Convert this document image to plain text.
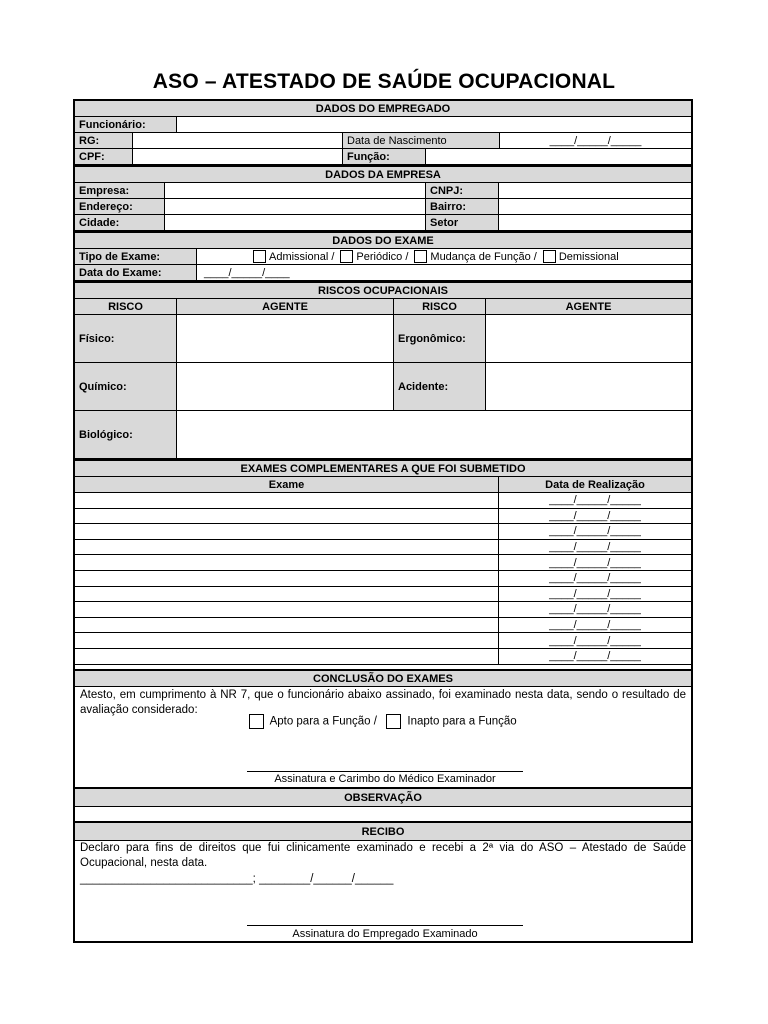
ASO – ATESTADO DE SAÚDE OCUPACIONAL
DADOS DO EMPREGADO
Funcionário:
RG:	Data de Nascimento	____/_____/_____
CPF:	Função:
DADOS DA EMPRESA
Empresa:	CNPJ:
Endereço:	Bairro:
Cidade:	Setor
DADOS DO EXAME
Tipo de Exame:	Admissional / Periódico / Mudança de Função / Demissional
Data do Exame:	____/_____/____
RISCOS OCUPACIONAIS
RISCO	AGENTE	RISCO	AGENTE
Físico:	Ergonômico:
Químico:	Acidente:
Biológico:
EXAMES COMPLEMENTARES A QUE FOI SUBMETIDO
Exame	Data de Realização
____/_____/_____
____/_____/_____
____/_____/_____
____/_____/_____
____/_____/_____
____/_____/_____
____/_____/_____
____/_____/_____
____/_____/_____
____/_____/_____
____/_____/_____
CONCLUSÃO DO EXAMES
Atesto, em cumprimento à NR 7, que o funcionário abaixo assinado, foi examinado nesta data, sendo o resultado de avaliação considerado:
Apto para a Função /	Inapto para a Função
Assinatura e Carimbo do Médico Examinador
OBSERVAÇÃO
RECIBO
Declaro para fins de direitos que fui clinicamente examinado e recebi a 2ª via do ASO – Atestado de Saúde Ocupacional, nesta data.
___________________________; ________/______/______
Assinatura do Empregado Examinado
